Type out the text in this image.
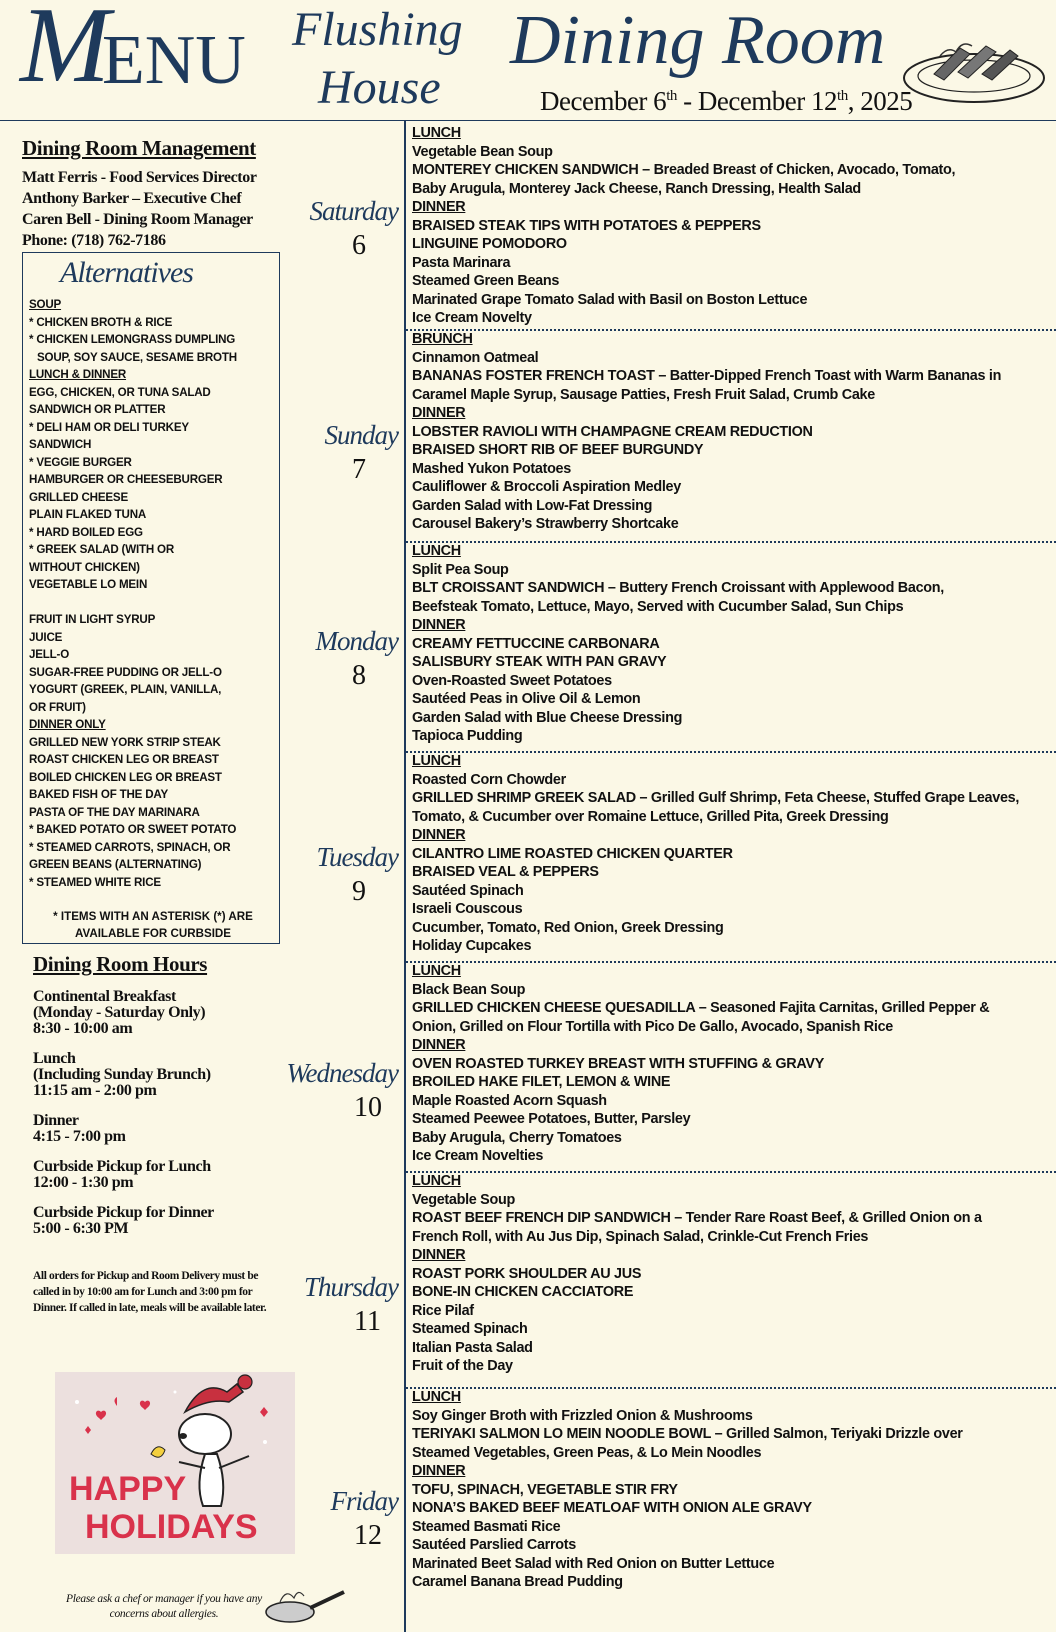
M
ENU Flushing
House
Dining Room
December 6th - December 12th, 2025
Dining Room Management
Matt Ferris - Food Services Director
Anthony Barker – Executive Chef
Caren Bell - Dining Room Manager
Phone: (718) 762-7186
Alternatives
SOUP
* CHICKEN BROTH & RICE
* CHICKEN LEMONGRASS DUMPLING
SOUP, SOY SAUCE, SESAME BROTH
LUNCH & DINNER
EGG, CHICKEN, OR TUNA SALAD
SANDWICH OR PLATTER
* DELI HAM OR DELI TURKEY
SANDWICH
* VEGGIE BURGER
HAMBURGER OR CHEESEBURGER
GRILLED CHEESE
PLAIN FLAKED TUNA
* HARD BOILED EGG
* GREEK SALAD (WITH OR
WITHOUT CHICKEN)
VEGETABLE LO MEIN
FRUIT IN LIGHT SYRUP
JUICE
JELL-O
SUGAR-FREE PUDDING OR JELL-O
YOGURT (GREEK, PLAIN, VANILLA,
OR FRUIT)
DINNER ONLY
GRILLED NEW YORK STRIP STEAK
ROAST CHICKEN LEG OR BREAST
BOILED CHICKEN LEG OR BREAST
BAKED FISH OF THE DAY
PASTA OF THE DAY MARINARA
* BAKED POTATO OR SWEET POTATO
* STEAMED CARROTS, SPINACH, OR
GREEN BEANS (ALTERNATING)
* STEAMED WHITE RICE
* ITEMS WITH AN ASTERISK (*) ARE AVAILABLE FOR CURBSIDE
Dining Room Hours
Continental Breakfast
(Monday - Saturday Only)
8:30 - 10:00 am
Lunch
(Including Sunday Brunch)
11:15 am - 2:00 pm
Dinner
4:15 - 7:00 pm
Curbside Pickup for Lunch
12:00 - 1:30 pm
Curbside Pickup for Dinner
5:00 - 6:30 PM
All orders for Pickup and Room Delivery must be called in by 10:00 am for Lunch and 3:00 pm for Dinner. If called in late, meals will be available later.
HAPPY
HOLIDAYS
Please ask a chef or manager if you have any concerns about allergies.
Saturday
6
LUNCH
Vegetable Bean Soup
MONTEREY CHICKEN SANDWICH – Breaded Breast of Chicken, Avocado, Tomato,
Baby Arugula, Monterey Jack Cheese, Ranch Dressing, Health Salad
DINNER
BRAISED STEAK TIPS WITH POTATOES & PEPPERS
LINGUINE POMODORO
Pasta Marinara
Steamed Green Beans
Marinated Grape Tomato Salad with Basil on Boston Lettuce
Ice Cream Novelty
Sunday
7
BRUNCH
Cinnamon Oatmeal
BANANAS FOSTER FRENCH TOAST – Batter-Dipped French Toast with Warm Bananas in
Caramel Maple Syrup, Sausage Patties, Fresh Fruit Salad, Crumb Cake
DINNER
LOBSTER RAVIOLI WITH CHAMPAGNE CREAM REDUCTION
BRAISED SHORT RIB OF BEEF BURGUNDY
Mashed Yukon Potatoes
Cauliflower & Broccoli Aspiration Medley
Garden Salad with Low-Fat Dressing
Carousel Bakery’s Strawberry Shortcake
Monday
8
LUNCH
Split Pea Soup
BLT CROISSANT SANDWICH – Buttery French Croissant with Applewood Bacon,
Beefsteak Tomato, Lettuce, Mayo, Served with Cucumber Salad, Sun Chips
DINNER
CREAMY FETTUCCINE CARBONARA
SALISBURY STEAK WITH PAN GRAVY
Oven-Roasted Sweet Potatoes
Sautéed Peas in Olive Oil & Lemon
Garden Salad with Blue Cheese Dressing
Tapioca Pudding
Tuesday
9
LUNCH
Roasted Corn Chowder
GRILLED SHRIMP GREEK SALAD – Grilled Gulf Shrimp, Feta Cheese, Stuffed Grape Leaves,
Tomato, & Cucumber over Romaine Lettuce, Grilled Pita, Greek Dressing
DINNER
CILANTRO LIME ROASTED CHICKEN QUARTER
BRAISED VEAL & PEPPERS
Sautéed Spinach
Israeli Couscous
Cucumber, Tomato, Red Onion, Greek Dressing
Holiday Cupcakes
Wednesday
10
LUNCH
Black Bean Soup
GRILLED CHICKEN CHEESE QUESADILLA – Seasoned Fajita Carnitas, Grilled Pepper &
Onion, Grilled on Flour Tortilla with Pico De Gallo, Avocado, Spanish Rice
DINNER
OVEN ROASTED TURKEY BREAST WITH STUFFING & GRAVY
BROILED HAKE FILET, LEMON & WINE
Maple Roasted Acorn Squash
Steamed Peewee Potatoes, Butter, Parsley
Baby Arugula, Cherry Tomatoes
Ice Cream Novelties
Thursday
11
LUNCH
Vegetable Soup
ROAST BEEF FRENCH DIP SANDWICH – Tender Rare Roast Beef, & Grilled Onion on a
French Roll, with Au Jus Dip, Spinach Salad, Crinkle-Cut French Fries
DINNER
ROAST PORK SHOULDER AU JUS
BONE-IN CHICKEN CACCIATORE
Rice Pilaf
Steamed Spinach
Italian Pasta Salad
Fruit of the Day
Friday
12
LUNCH
Soy Ginger Broth with Frizzled Onion & Mushrooms
TERIYAKI SALMON LO MEIN NOODLE BOWL – Grilled Salmon, Teriyaki Drizzle over
Steamed Vegetables, Green Peas, & Lo Mein Noodles
DINNER
TOFU, SPINACH, VEGETABLE STIR FRY
NONA’S BAKED BEEF MEATLOAF WITH ONION ALE GRAVY
Steamed Basmati Rice
Sautéed Parslied Carrots
Marinated Beet Salad with Red Onion on Butter Lettuce
Caramel Banana Bread Pudding
